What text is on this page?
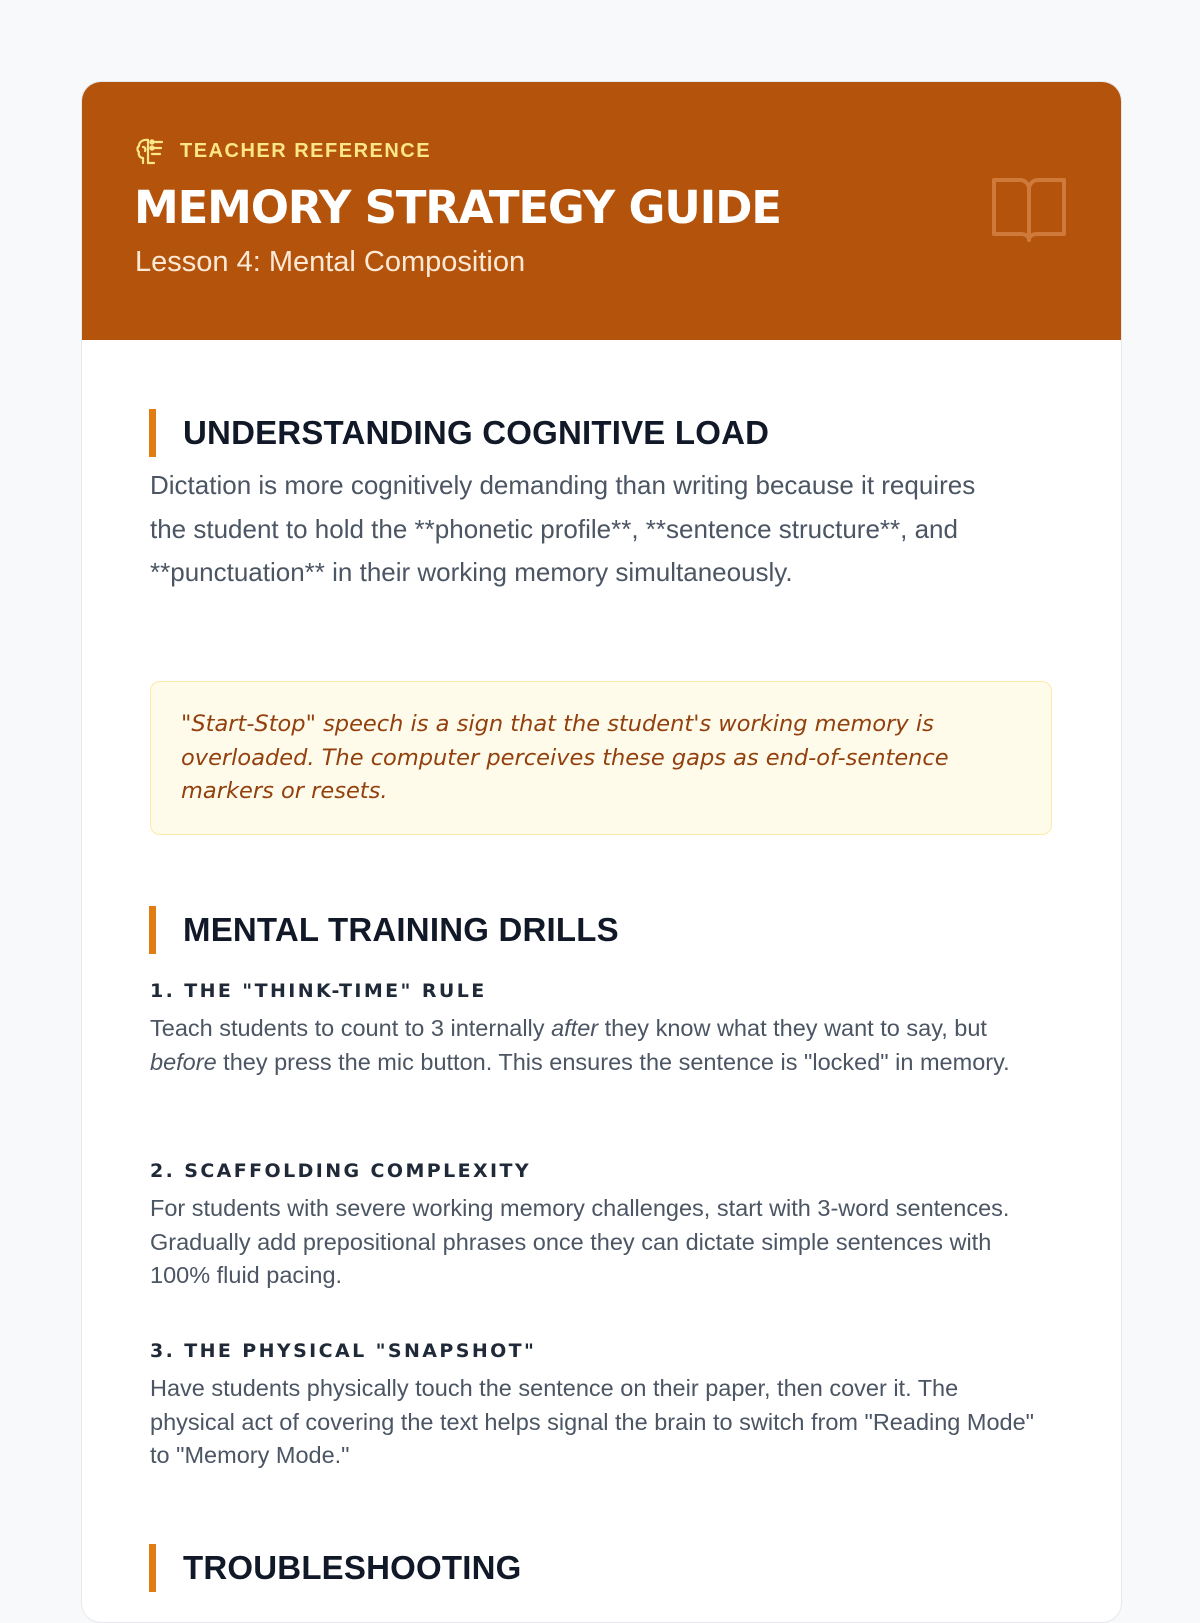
TEACHER REFERENCE
MEMORY STRATEGY GUIDE

Lesson 4: Mental Composition

UNDERSTANDING COGNITIVE LOAD

Dictation is more cognitively demanding than writing because it requires the student to hold the **phonetic profile**, **sentence structure**, and **punctuation** in their working memory simultaneously.

"Start-Stop" speech is a sign that the student's working memory is overloaded. The computer perceives these gaps as end-of-sentence markers or resets.

MENTAL TRAINING DRILLS
1. THE "THINK-TIME" RULE

Teach students to count to 3 internally after they know what they want to say, but before they press the mic button. This ensures the sentence is "locked" in memory.

2. SCAFFOLDING COMPLEXITY

For students with severe working memory challenges, start with 3-word sentences. Gradually add prepositional phrases once they can dictate simple sentences with 100% fluid pacing.

3. THE PHYSICAL "SNAPSHOT"

Have students physically touch the sentence on their paper, then cover it. The physical act of covering the text helps signal the brain to switch from "Reading Mode" to "Memory Mode."

TROUBLESHOOTING
